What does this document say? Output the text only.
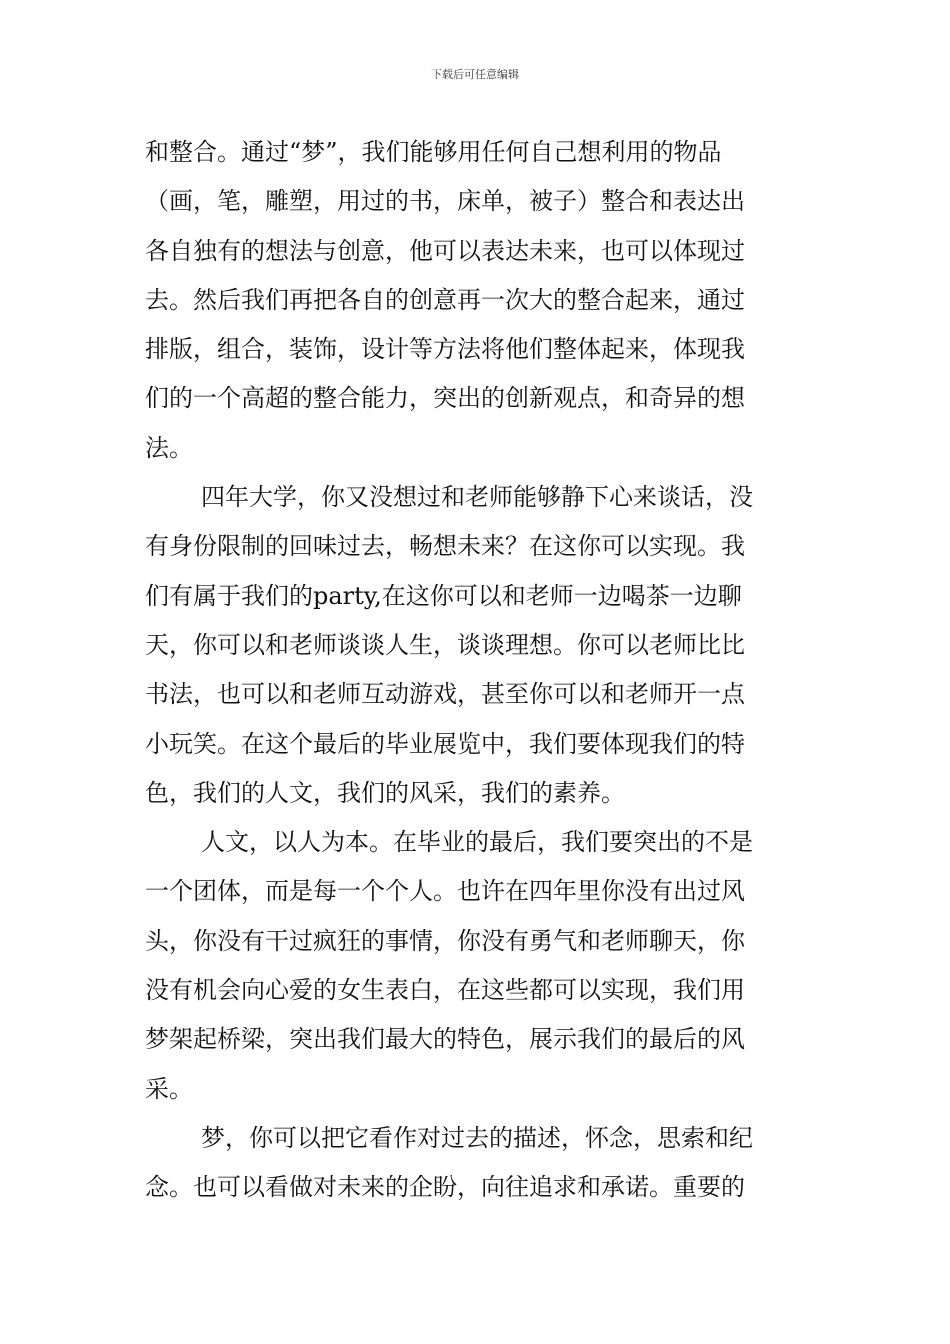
下载后可任意编辑
和整合。通过“梦”，我们能够用任何自己想利用的物品
（画，笔，雕塑，用过的书，床单，被子）整合和表达出
各自独有的想法与创意，他可以表达未来，也可以体现过
去。然后我们再把各自的创意再一次大的整合起来，通过
排版，组合，装饰，设计等方法将他们整体起来，体现我
们的一个高超的整合能力，突出的创新观点，和奇异的想
法。
四年大学，你又没想过和老师能够静下心来谈话，没
有身份限制的回味过去，畅想未来？在这你可以实现。我
们有属于我们的party,在这你可以和老师一边喝茶一边聊
天，你可以和老师谈谈人生，谈谈理想。你可以老师比比
书法，也可以和老师互动游戏，甚至你可以和老师开一点
小玩笑。在这个最后的毕业展览中，我们要体现我们的特
色，我们的人文，我们的风采，我们的素养。
人文，以人为本。在毕业的最后，我们要突出的不是
一个团体，而是每一个个人。也许在四年里你没有出过风
头，你没有干过疯狂的事情，你没有勇气和老师聊天，你
没有机会向心爱的女生表白，在这些都可以实现，我们用
梦架起桥梁，突出我们最大的特色，展示我们的最后的风
采。
梦，你可以把它看作对过去的描述，怀念，思索和纪
念。也可以看做对未来的企盼，向往追求和承诺。重要的
